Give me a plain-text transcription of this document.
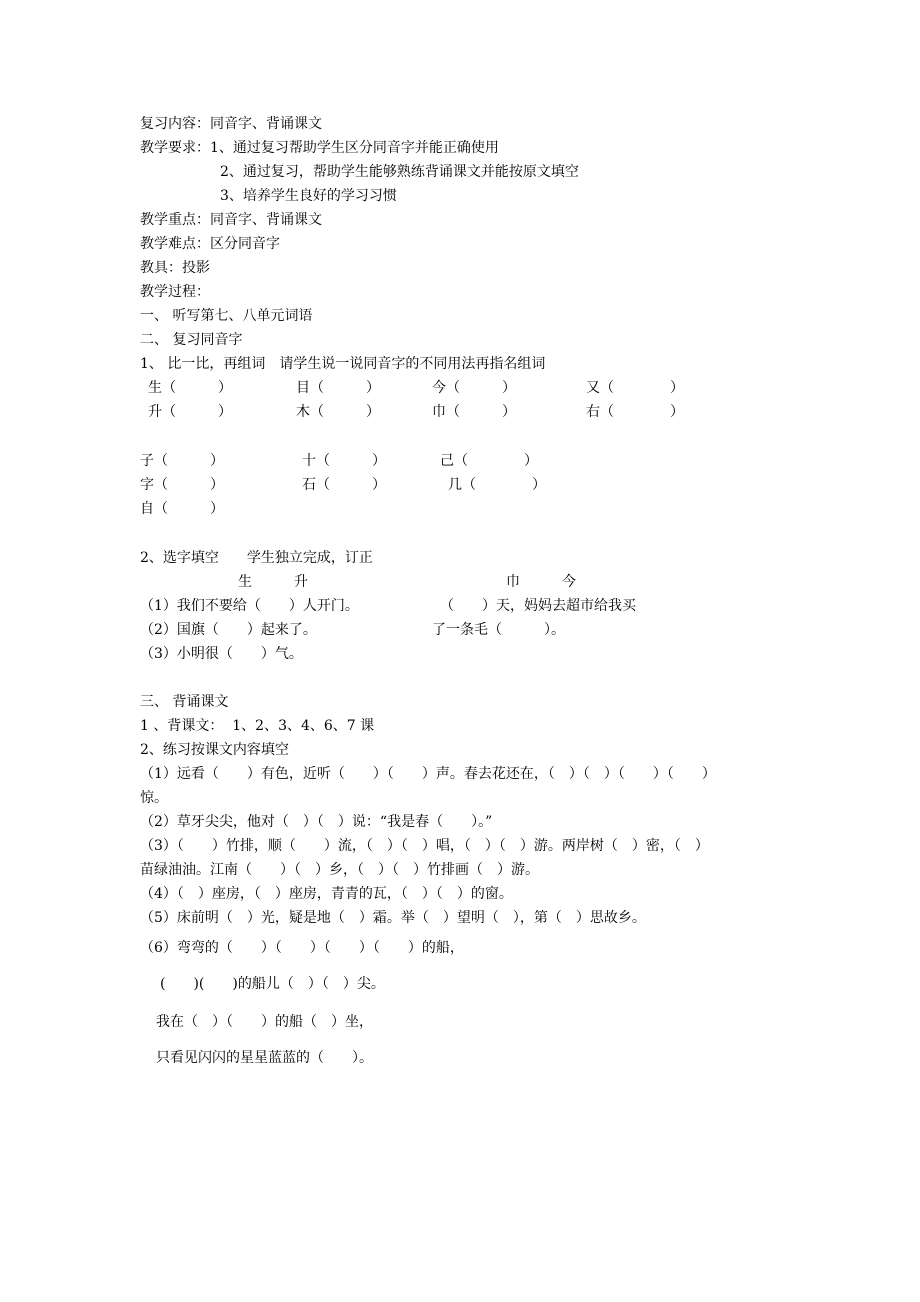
复习内容：同音字、背诵课文
教学要求：1、通过复习帮助学生区分同音字并能正确使用
2、通过复习，帮助学生能够熟练背诵课文并能按原文填空
3、培养学生良好的学习习惯
教学重点：同音字、背诵课文
教学难点：区分同音字
教具：投影
教学过程：
一、 听写第七、八单元词语
二、 复习同音字
1、 比一比，再组词　请学生说一说同音字的不同用法再指名组词
生（　　　）	目（　　　）	今（　　　）	又（　　　　）
升（　　　）	木（　　　）	巾（　　　）	右（　　　　）
子（　　　）	十（　　　）	己（　　　　）
字（　　　）	石（　　　）	几（　　　　）
自（　　　）
2、选字填空　　学生独立完成，订正
生　　　升	巾　　　今
（1）我们不要给（　　）人开门。	（　　）天，妈妈去超市给我买
（2）国旗（　　）起来了。	了一条毛（　　　）。
（3）小明很（　　）气。
三、 背诵课文
1 、背课文：  1、2、3、4、6、7 课
2、练习按课文内容填空
（1）远看（　　）有色，近听（　　）（　　）声。春去花还在，（　）（　）（　　）（　　）
惊。
（2）草牙尖尖，他对（　）（　）说：“我是春（　　）。”
（3）（　　）竹排，顺（　　）流，（　）（　）唱，（　）（　）游。两岸树（　）密，（　）
苗绿油油。江南（　　）（　）乡，（　）（　）竹排画（　）游。
（4）（　）座房，（　）座房，青青的瓦，（　）（　）的窗。
（5）床前明（　）光，疑是地（　）霜。举（　）望明（　），第（　）思故乡。
（6）弯弯的（　　）（　　）（　　）（　　）的船，
(　　)(　　)的船儿（　）（　）尖。
我在（　）（　　）的船（　）坐，
只看见闪闪的星星蓝蓝的（　　）。
